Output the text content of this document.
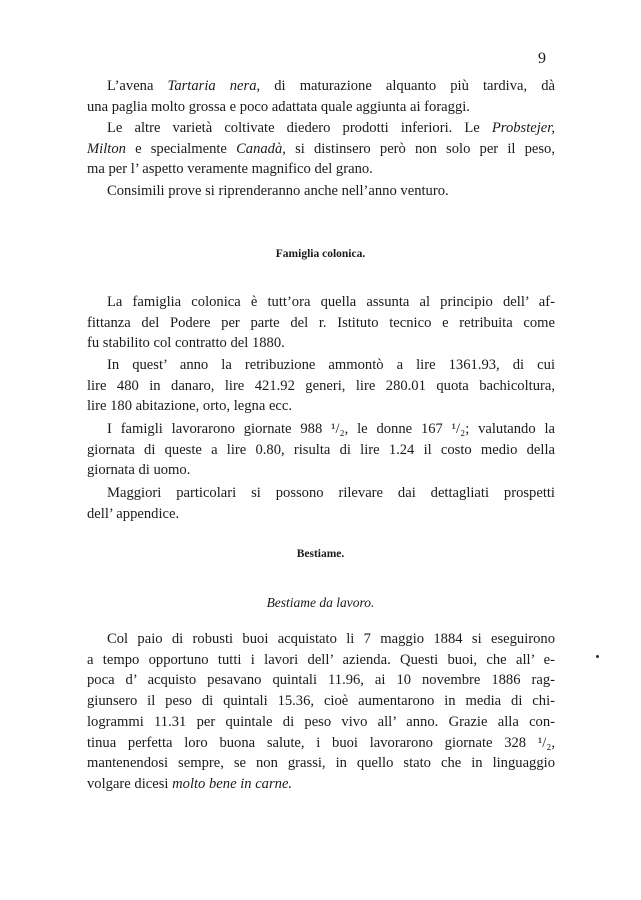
9
L’avena Tartaria nera, di maturazione alquanto più tardiva, dà
una paglia molto grossa e poco adattata quale aggiunta ai foraggi.
Le altre varietà coltivate diedero prodotti inferiori. Le Probstejer,
Milton e specialmente Canadà, si distinsero però non solo per il peso,
ma per l’ aspetto veramente magnifico del grano.
Consimili prove si riprenderanno anche nell’anno venturo.
Famiglia colonica.
La famiglia colonica è tutt’ora quella assunta al principio dell’ af-
fittanza del Podere per parte del r. Istituto tecnico e retribuita come
fu stabilito col contratto del 1880.
In quest’ anno la retribuzione ammontò a lire 1361.93, di cui
lire 480 in danaro, lire 421.92 generi, lire 280.01 quota bachicoltura,
lire 180 abitazione, orto, legna ecc.
I famigli lavorarono giornate 988 ¹/₂, le donne 167 ¹/₂; valutando la
giornata di queste a lire 0.80, risulta di lire 1.24 il costo medio della
giornata di uomo.
Maggiori particolari si possono rilevare dai dettagliati prospetti
dell’ appendice.
Bestiame.
Bestiame da lavoro.
Col paio di robusti buoi acquistato li 7 maggio 1884 si eseguirono
a tempo opportuno tutti i lavori dell’ azienda. Questi buoi, che all’ e-
poca d’ acquisto pesavano quintali 11.96, ai 10 novembre 1886 rag-
giunsero il peso di quintali 15.36, cioè aumentarono in media di chi-
logrammi 11.31 per quintale di peso vivo all’ anno. Grazie alla con-
tinua perfetta loro buona salute, i buoi lavorarono giornate 328 ¹/₂,
mantenendosi sempre, se non grassi, in quello stato che in linguaggio
volgare dicesi molto bene in carne.
